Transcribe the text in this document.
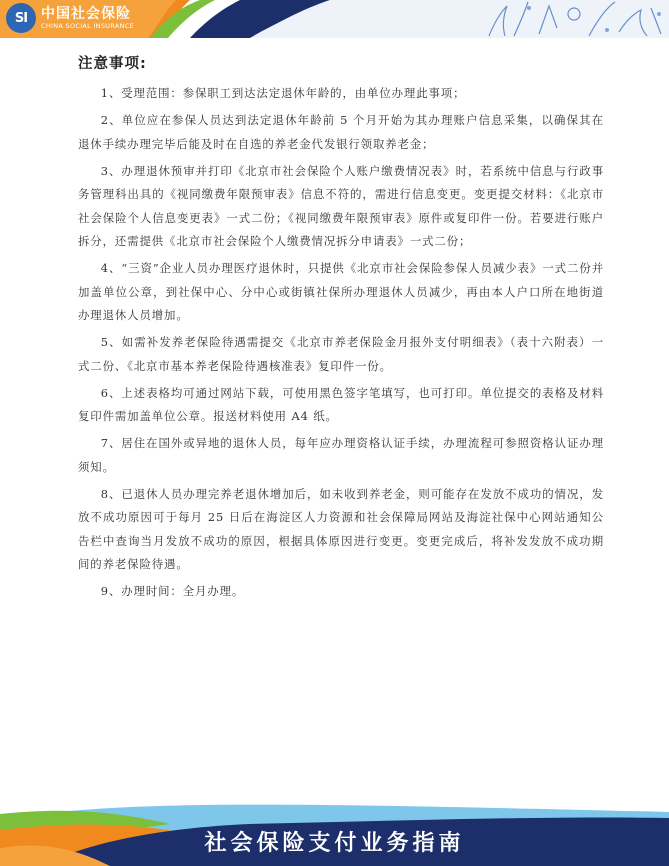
SI 中国社会保险
CHINA SOCIAL INSURANCE
注意事项:

1、受理范围：参保职工到达法定退休年龄的，由单位办理此事项；

2、单位应在参保人员达到法定退休年龄前 5 个月开始为其办理账户信息采集，以确保其在退休手续办理完毕后能及时在自选的养老金代发银行领取养老金；

3、办理退休预审并打印《北京市社会保险个人账户缴费情况表》时，若系统中信息与行政事务管理科出具的《视同缴费年限预审表》信息不符的，需进行信息变更。变更提交材料：《北京市社会保险个人信息变更表》一式二份；《视同缴费年限预审表》原件或复印件一份。若要进行账户拆分，还需提供《北京市社会保险个人缴费情况拆分申请表》一式二份；

4、“三资”企业人员办理医疗退休时，只提供《北京市社会保险参保人员减少表》一式二份并加盖单位公章，到社保中心、分中心或街镇社保所办理退休人员减少，再由本人户口所在地街道办理退休人员增加。

5、如需补发养老保险待遇需提交《北京市养老保险金月报外支付明细表》（表十六附表）一式二份、《北京市基本养老保险待遇核准表》复印件一份。

6、上述表格均可通过网站下载，可使用黑色签字笔填写，也可打印。单位提交的表格及材料复印件需加盖单位公章。报送材料使用 A4 纸。

7、居住在国外或异地的退休人员，每年应办理资格认证手续，办理流程可参照资格认证办理须知。

8、已退休人员办理完养老退休增加后，如未收到养老金，则可能存在发放不成功的情况，发放不成功原因可于每月 25 日后在海淀区人力资源和社会保障局网站及海淀社保中心网站通知公告栏中查询当月发放不成功的原因，根据具体原因进行变更。变更完成后，将补发发放不成功期间的养老保险待遇。

9、办理时间：全月办理。

社会保险支付业务指南
